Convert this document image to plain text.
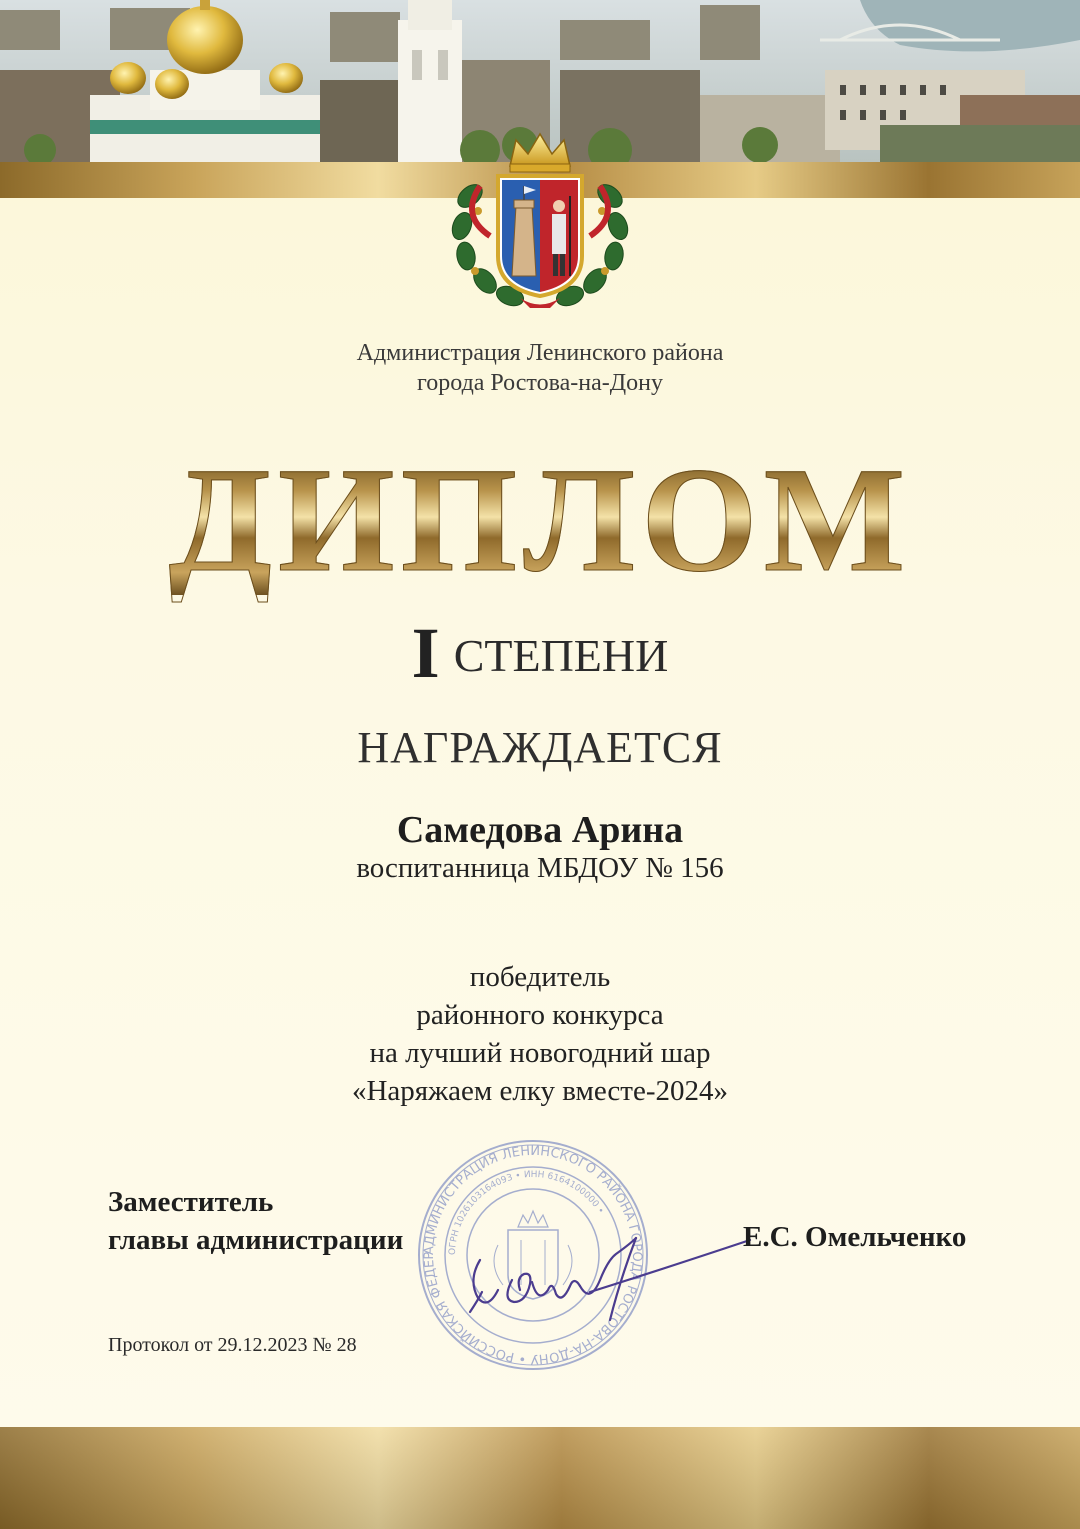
Администрация Ленинского района
города Ростова-на-Дону
ДИПЛОМ
IСТЕПЕНИ
НАГРАЖДАЕТСЯ
Самедова Арина
воспитанница МБДОУ № 156
победитель
районного конкурса
на лучший новогодний шар
«Наряжаем елку вместе-2024»
АДМИНИСТРАЦИЯ ЛЕНИНСКОГО РАЙОНА ГОРОДА РОСТОВА-НА-ДОНУ • РОССИЙСКАЯ ФЕДЕР
ОГРН 1026103164093 • ИНН 6164100000 •
Заместитель
главы администрации	Е.С. Омельченко
Протокол от 29.12.2023 № 28
